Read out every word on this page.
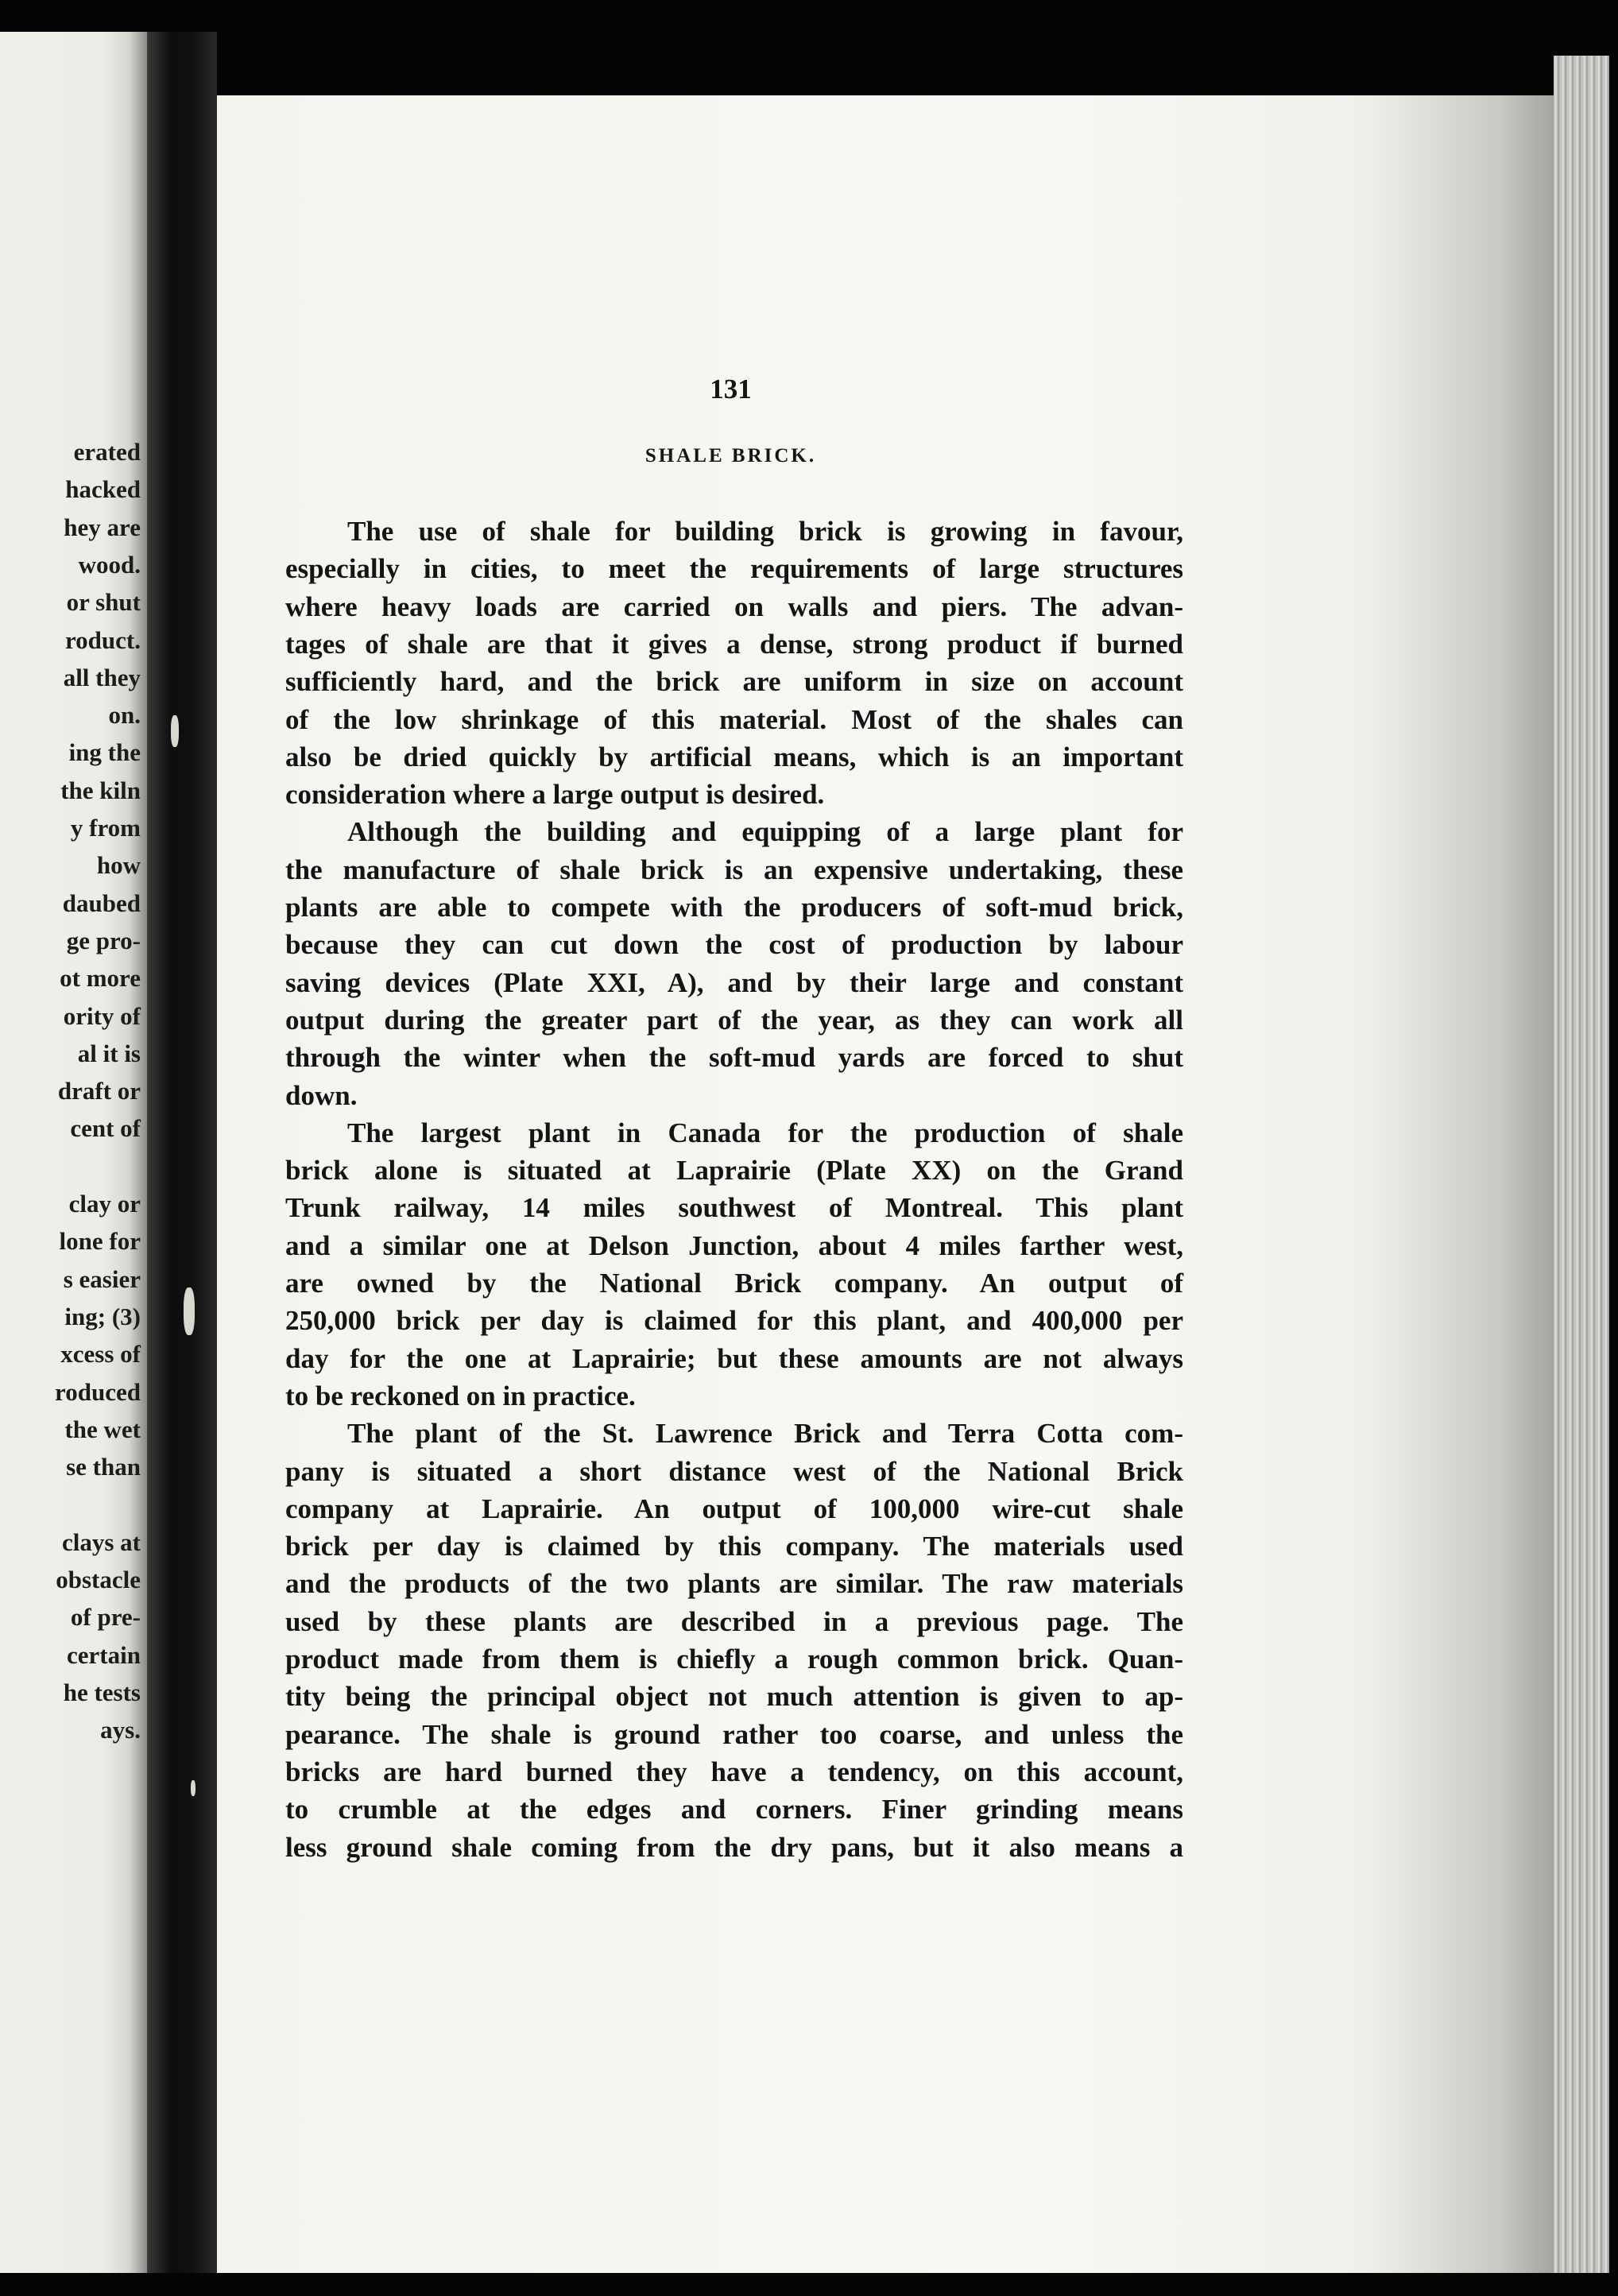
erated
hacked
hey are
wood.
or shut
roduct.
all they
on.
ing the
the kiln
y from
how
daubed
ge pro-
ot more
ority of
al it is
draft or
cent of
clay or
lone for
s easier
ing; (3)
xcess of
roduced
the wet
se than
clays at
obstacle
of pre-
certain
he tests
ays.
131
SHALE BRICK.
The use of shale for building brick is growing in favour,
especially in cities, to meet the requirements of large structures
where heavy loads are carried on walls and piers. The advan-
tages of shale are that it gives a dense, strong product if burned
sufficiently hard, and the brick are uniform in size on account
of the low shrinkage of this material. Most of the shales can
also be dried quickly by artificial means, which is an important
consideration where a large output is desired.
Although the building and equipping of a large plant for
the manufacture of shale brick is an expensive undertaking, these
plants are able to compete with the producers of soft-mud brick,
because they can cut down the cost of production by labour
saving devices (Plate XXI, A), and by their large and constant
output during the greater part of the year, as they can work all
through the winter when the soft-mud yards are forced to shut
down.
The largest plant in Canada for the production of shale
brick alone is situated at Laprairie (Plate XX) on the Grand
Trunk railway, 14 miles southwest of Montreal. This plant
and a similar one at Delson Junction, about 4 miles farther west,
are owned by the National Brick company. An output of
250,000 brick per day is claimed for this plant, and 400,000 per
day for the one at Laprairie; but these amounts are not always
to be reckoned on in practice.
The plant of the St. Lawrence Brick and Terra Cotta com-
pany is situated a short distance west of the National Brick
company at Laprairie. An output of 100,000 wire-cut shale
brick per day is claimed by this company. The materials used
and the products of the two plants are similar. The raw materials
used by these plants are described in a previous page. The
product made from them is chiefly a rough common brick. Quan-
tity being the principal object not much attention is given to ap-
pearance. The shale is ground rather too coarse, and unless the
bricks are hard burned they have a tendency, on this account,
to crumble at the edges and corners. Finer grinding means
less ground shale coming from the dry pans, but it also means a
